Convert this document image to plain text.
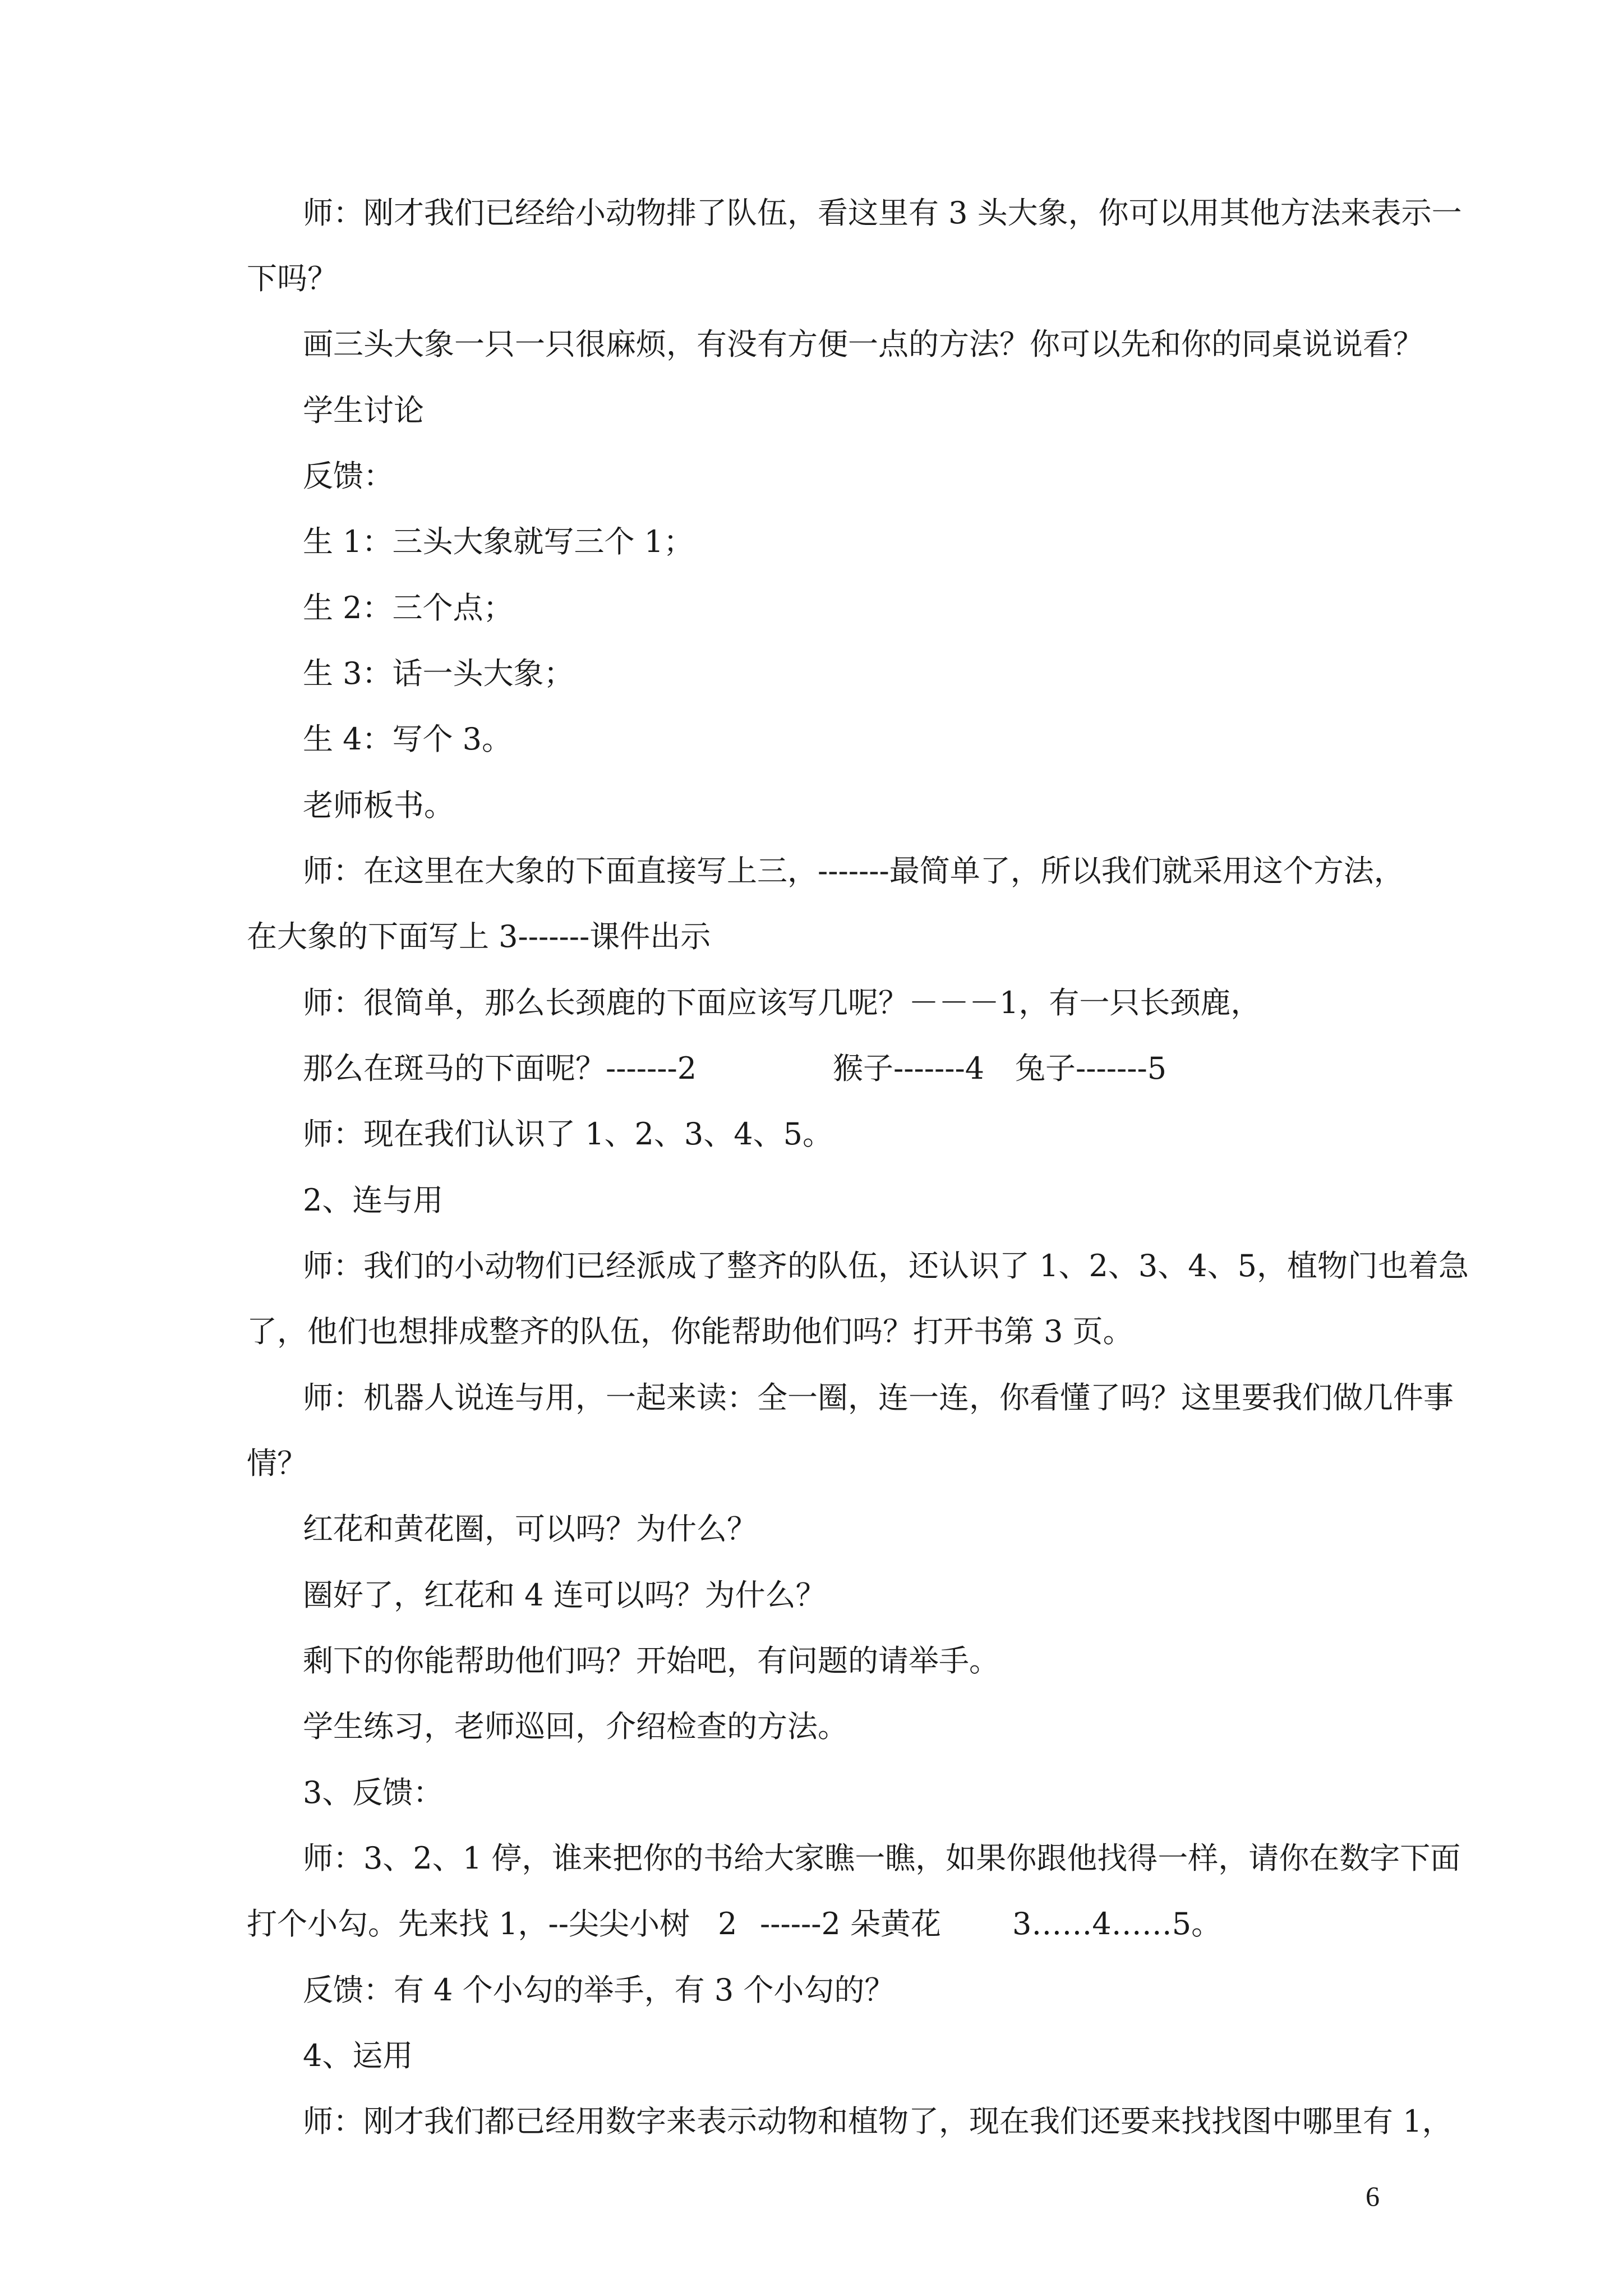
师：刚才我们已经给小动物排了队伍，看这里有 3 头大象，你可以用其他方法来表示一
下吗？
画三头大象一只一只很麻烦，有没有方便一点的方法？你可以先和你的同桌说说看？
学生讨论
反馈：
生 1：三头大象就写三个 1；
生 2：三个点；
生 3：话一头大象；
生 4：写个 3。
老师板书。
师：在这里在大象的下面直接写上三，-------最简单了，所以我们就采用这个方法，
在大象的下面写上 3-------课件出示
师：很简单，那么长颈鹿的下面应该写几呢？－－－1，有一只长颈鹿，
那么在斑马的下面呢？-------2	猴子-------4 兔子-------5
师：现在我们认识了 1、2、3、4、5。
2、连与用
师：我们的小动物们已经派成了整齐的队伍，还认识了 1、2、3、4、5，植物门也着急
了，他们也想排成整齐的队伍，你能帮助他们吗？打开书第 3 页。
师：机器人说连与用，一起来读：全一圈，连一连，你看懂了吗？这里要我们做几件事
情？
红花和黄花圈，可以吗？为什么？
圈好了，红花和 4 连可以吗？为什么？
剩下的你能帮助他们吗？开始吧，有问题的请举手。
学生练习，老师巡回，介绍检查的方法。
3、反馈：
师：3、2、1 停，谁来把你的书给大家瞧一瞧，如果你跟他找得一样，请你在数字下面
打个小勾。先来找 1，--尖尖小树 2 ------2 朵黄花 3……4……5。
反馈：有 4 个小勾的举手，有 3 个小勾的？
4、运用
师：刚才我们都已经用数字来表示动物和植物了，现在我们还要来找找图中哪里有 1，
6
